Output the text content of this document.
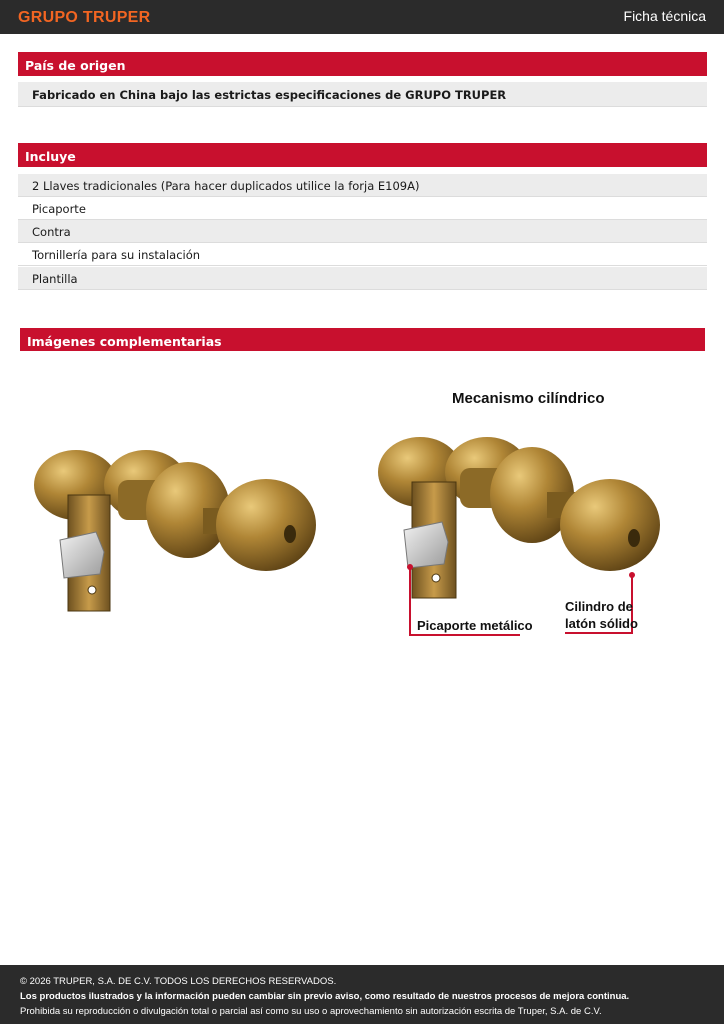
GRUPO TRUPER	Ficha técnica
País de origen
Fabricado en China bajo las estrictas especificaciones de GRUPO TRUPER
Incluye
2 Llaves tradicionales (Para hacer duplicados utilice la forja E109A)
Picaporte
Contra
Tornillería para su instalación
Plantilla
Imágenes complementarias
Mecanismo cilíndrico
Picaporte metálico
Cilindro de
latón sólido
© 2026 TRUPER, S.A. DE C.V. TODOS LOS DERECHOS RESERVADOS.
Los productos ilustrados y la información pueden cambiar sin previo aviso, como resultado de nuestros procesos de mejora continua.
Prohibida su reproducción o divulgación total o parcial así como su uso o aprovechamiento sin autorización escrita de Truper, S.A. de C.V.
